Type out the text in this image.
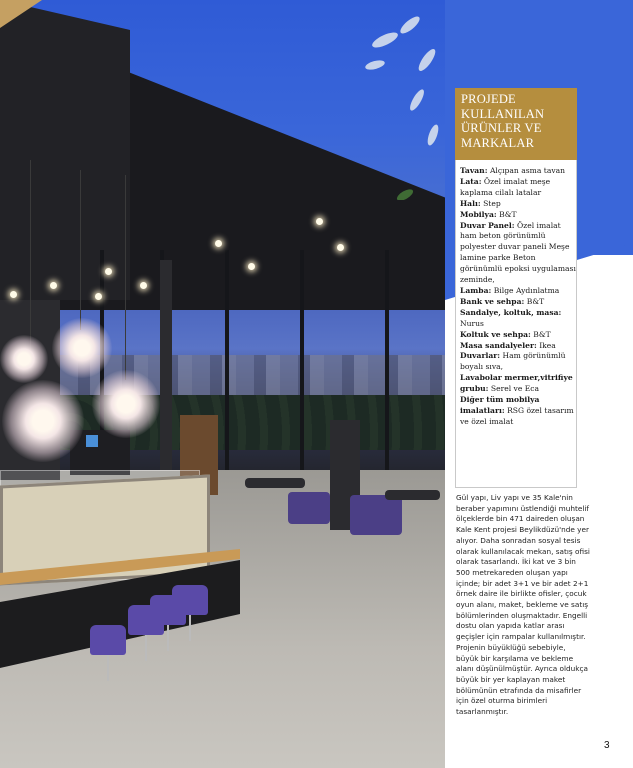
PROJEDE KULLANILAN ÜRÜNLER VE MARKALAR
Tavan: Alçıpan asma tavan
Lata: Özel imalat meşe kaplama cilalı latalar
Halı: Step
Mobilya: B&T
Duvar Panel: Özel imalat ham beton görünümlü polyester duvar paneli Meşe lamine parke Beton görünümlü epoksi uygulaması zeminde,
Lamba: Bilge Aydınlatma
Bank ve sehpa: B&T
Sandalye, koltuk, masa: Nurus
Koltuk ve sehpa: B&T
Masa sandalyeler: Ikea
Duvarlar: Ham görünümlü boyalı sıva,
Lavabolar mermer,vitrifiye grubu: Serel ve Eca
Diğer tüm mobilya imalatları: RSG özel tasarım ve özel imalat
Gül yapı, Liv yapı ve 35 Kale'nin beraber yapımını üstlendiği muhtelif ölçeklerde bin 471 daireden oluşan Kale Kent projesi Beylikdüzü'nde yer alıyor. Daha sonradan sosyal tesis olarak kullanılacak mekan, satış ofisi olarak tasarlandı. İki kat ve 3 bin 500 metrekareden oluşan yapı içinde; bir adet 3+1 ve bir adet 2+1 örnek daire ile birlikte ofisler, çocuk oyun alanı, maket, bekleme ve satış bölümlerinden oluşmaktadır. Engelli dostu olan yapıda katlar arası geçişler için rampalar kullanılmıştır. Projenin büyüklüğü sebebiyle, büyük bir karşılama ve bekleme alanı düşünülmüştür. Ayrıca oldukça büyük bir yer kaplayan maket bölümünün etrafında da misafirler için özel oturma birimleri tasarlanmıştır.
3
